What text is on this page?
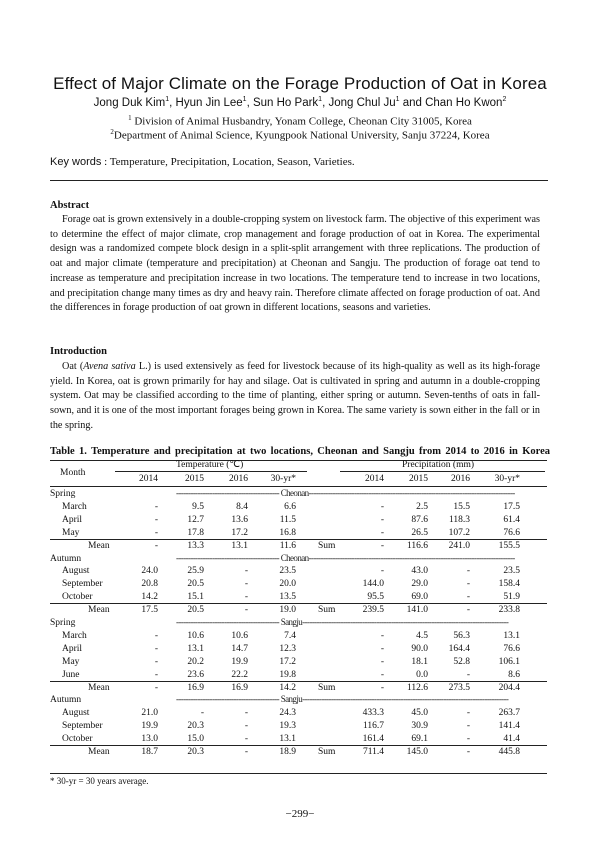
Effect of Major Climate on the Forage Production of Oat in Korea
Jong Duk Kim$^1$, Hyun Jin Lee$^1$, Sun Ho Park$^1$, Jong Chul Ju$^1$ and Chan Ho Kwon$^2$
$^1$ Division of Animal Husbandry, Yonam College, Cheonan City 31005, Korea
$^2$Department of Animal Science, Kyungpook National University, Sanju 37224, Korea
Key words : Temperature, Precipitation, Location, Season, Varieties.
Abstract
Forage oat is grown extensively in a double-cropping system on livestock farm. The objective of this experiment was to determine the effect of major climate, crop management and forage production of oat in Korea. The experimental design was a randomized compete block design in a split-split arrangement with three replications. The production of oat and major climate (temperature and precipitation) at Cheonan and Sangju. The production of forage oat tend to increase as temperature and precipitation increase in two locations. The temperature tend to increase in two locations, and precipitation change many times as dry and heavy rain. Therefore climate affected on forage production of oat. And the differences in forage production of oat grown in different locations, seasons and varieties.
Introduction
Oat (Avena sativa L.) is used extensively as feed for livestock because of its high-quality as well as its high-forage yield. In Korea, oat is grown primarily for hay and silage. Oat is cultivated in spring and autumn in a double-cropping system. Oat may be classified according to the time of planting, either spring or autumn. Seven-tenths of oats in fall-sown, and it is one of the most important forages being grown in Korea. The same variety is sown either in the fall or in the spring.
Table 1. Temperature and precipitation at two locations, Cheonan and Sangju from 2014 to 2016 in Korea
Month
Temperature (℃)	Precipitation (mm)
2014	2015	2016	30-yr*	2014	2015	2016	30-yr*
Spring	------------------------------------------- Cheonan--------------------------------------------------------------------------------------
March	-	9.5	8.4	6.6	-	2.5	15.5	17.5
April	-	12.7	13.6	11.5	-	87.6	118.3	61.4
May	-	17.8	17.2	16.8	-	26.5	107.2	76.6
Mean	-	13.3	13.1	11.6 Sum	-	116.6	241.0	155.5
Autumn	------------------------------------------- Cheonan--------------------------------------------------------------------------------------
August	24.0	25.9	-	23.5	-	43.0	-	23.5
September	20.8	20.5	-	20.0	144.0	29.0	-	158.4
October	14.2	15.1	-	13.5	95.5	69.0	-	51.9
Mean	17.5	20.5	-	19.0 Sum	239.5	141.0	-	233.8
Spring	------------------------------------------- Sangju--------------------------------------------------------------------------------------
March	-	10.6	10.6	7.4	-	4.5	56.3	13.1
April	-	13.1	14.7	12.3	-	90.0	164.4	76.6
May	-	20.2	19.9	17.2	-	18.1	52.8	106.1
June	-	23.6	22.2	19.8	-	0.0	-	8.6
Mean	-	16.9	16.9	14.2 Sum	-	112.6	273.5	204.4
Autumn	------------------------------------------- Sangju--------------------------------------------------------------------------------------
August	21.0	-	-	24.3	433.3	45.0	-	263.7
September	19.9	20.3	-	19.3	116.7	30.9	-	141.4
October	13.0	15.0	-	13.1	161.4	69.1	-	41.4
Mean	18.7	20.3	-	18.9 Sum	711.4	145.0	-	445.8
* 30-yr = 30 years average.
−299−
